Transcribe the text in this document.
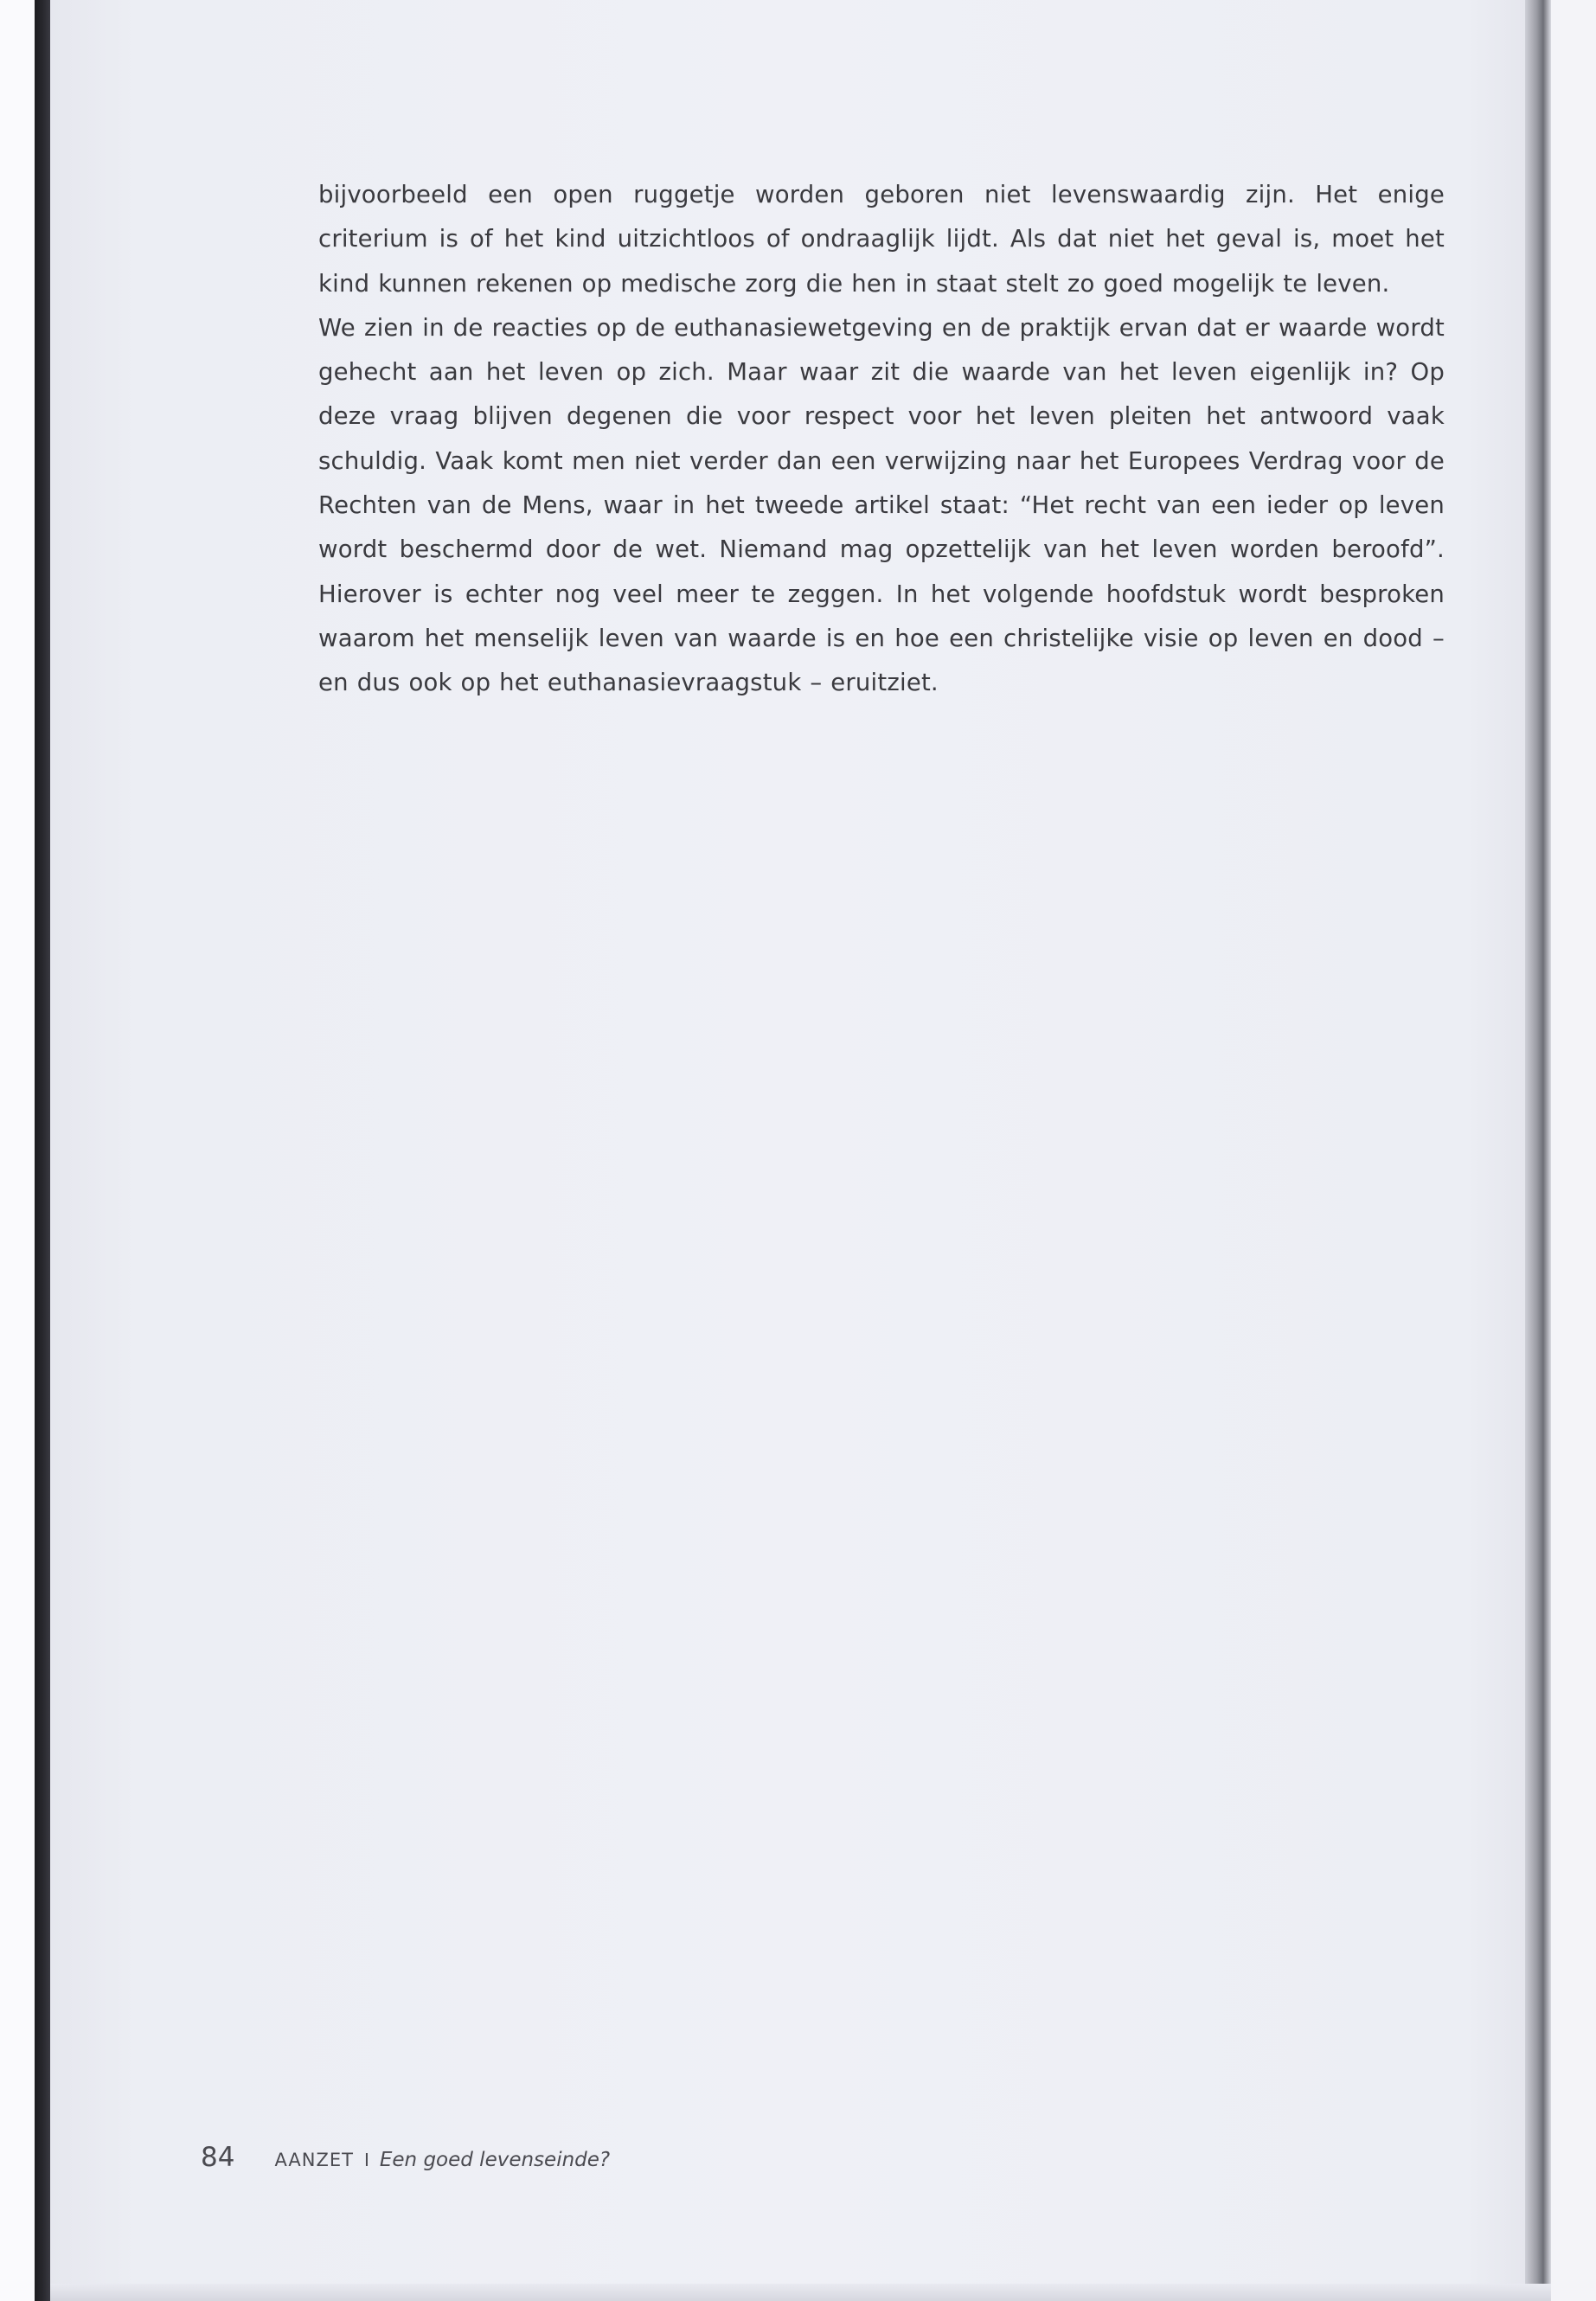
bijvoorbeeld een open ruggetje worden geboren niet levenswaardig zijn. Het enige criterium is of het kind uitzichtloos of ondraaglijk lijdt. Als dat niet het geval is, moet het kind kunnen rekenen op medische zorg die hen in staat stelt zo goed mogelijk te leven.

We zien in de reacties op de euthanasiewetgeving en de praktijk ervan dat er waarde wordt gehecht aan het leven op zich. Maar waar zit die waarde van het leven eigenlijk in? Op deze vraag blijven degenen die voor respect voor het leven pleiten het antwoord vaak schuldig. Vaak komt men niet verder dan een verwijzing naar het Europees Verdrag voor de Rechten van de Mens, waar in het tweede artikel staat: “Het recht van een ieder op leven wordt beschermd door de wet. Niemand mag opzettelijk van het leven worden beroofd”. Hierover is echter nog veel meer te zeggen. In het volgende hoofdstuk wordt besproken waarom het menselijk leven van waarde is en hoe een christelijke visie op leven en dood – en dus ook op het euthanasievraagstuk – eruitziet.

84 AANZET I Een goed levenseinde?
